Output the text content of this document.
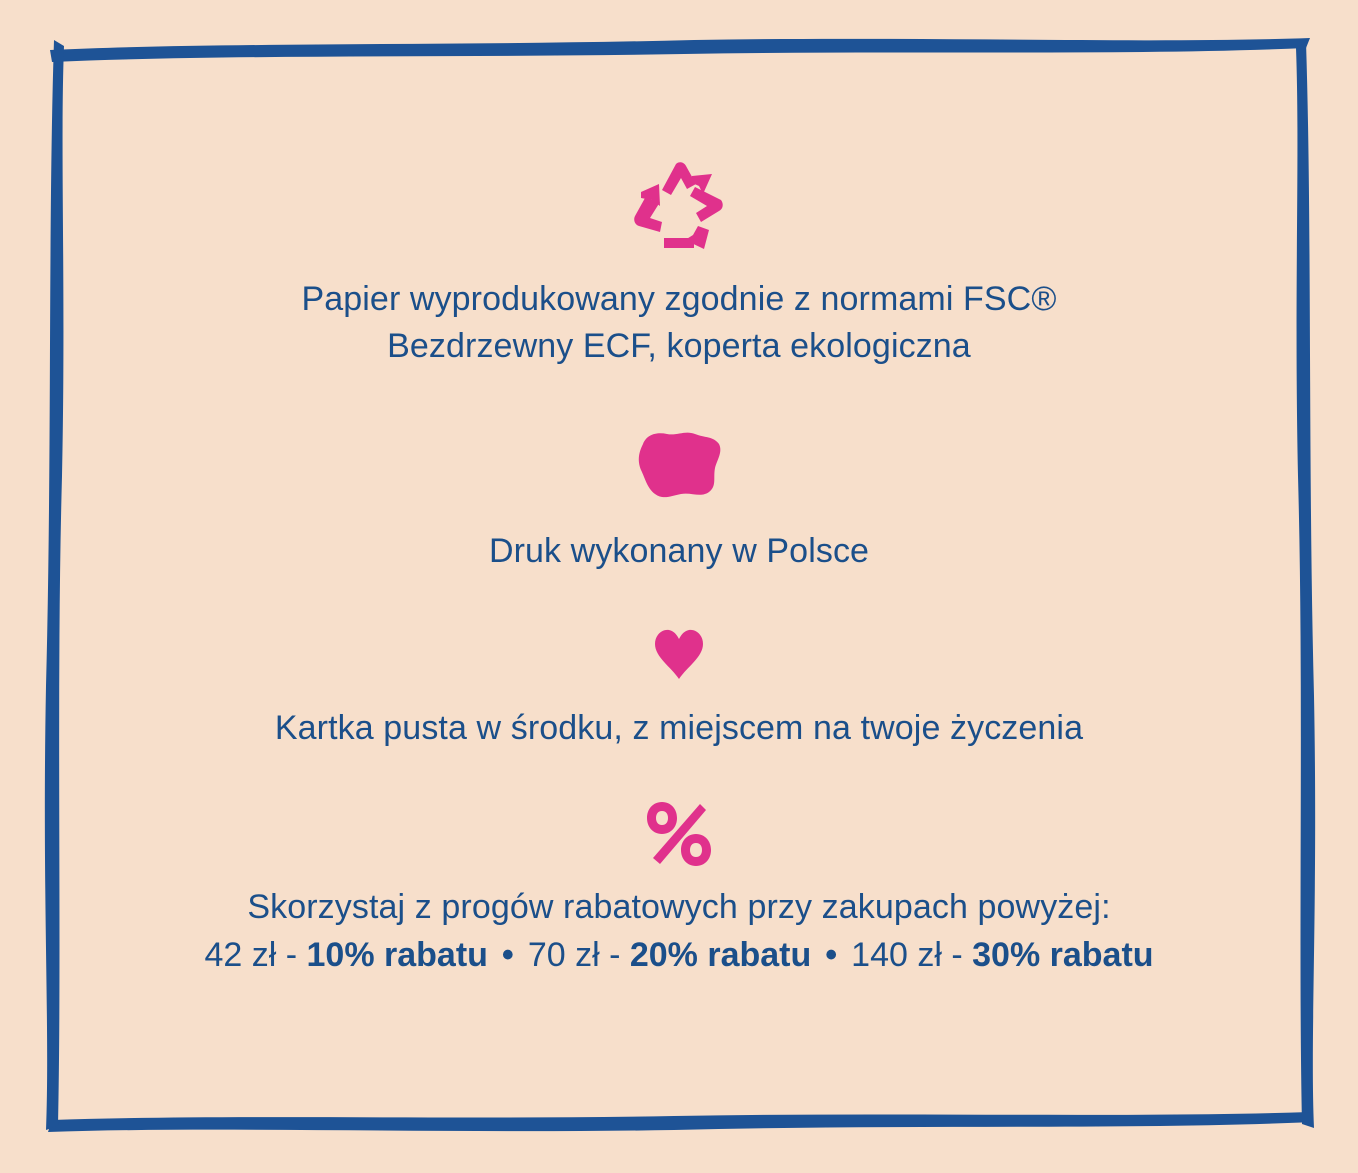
Papier wyprodukowany zgodnie z normami FSC®
Bezdrzewny ECF, koperta ekologiczna

Druk wykonany w Polsce

Kartka pusta w środku, z miejscem na twoje życzenia

Skorzystaj z progów rabatowych przy zakupach powyżej:

42 zł - 10% rabatu • 70 zł - 20% rabatu • 140 zł - 30% rabatu
